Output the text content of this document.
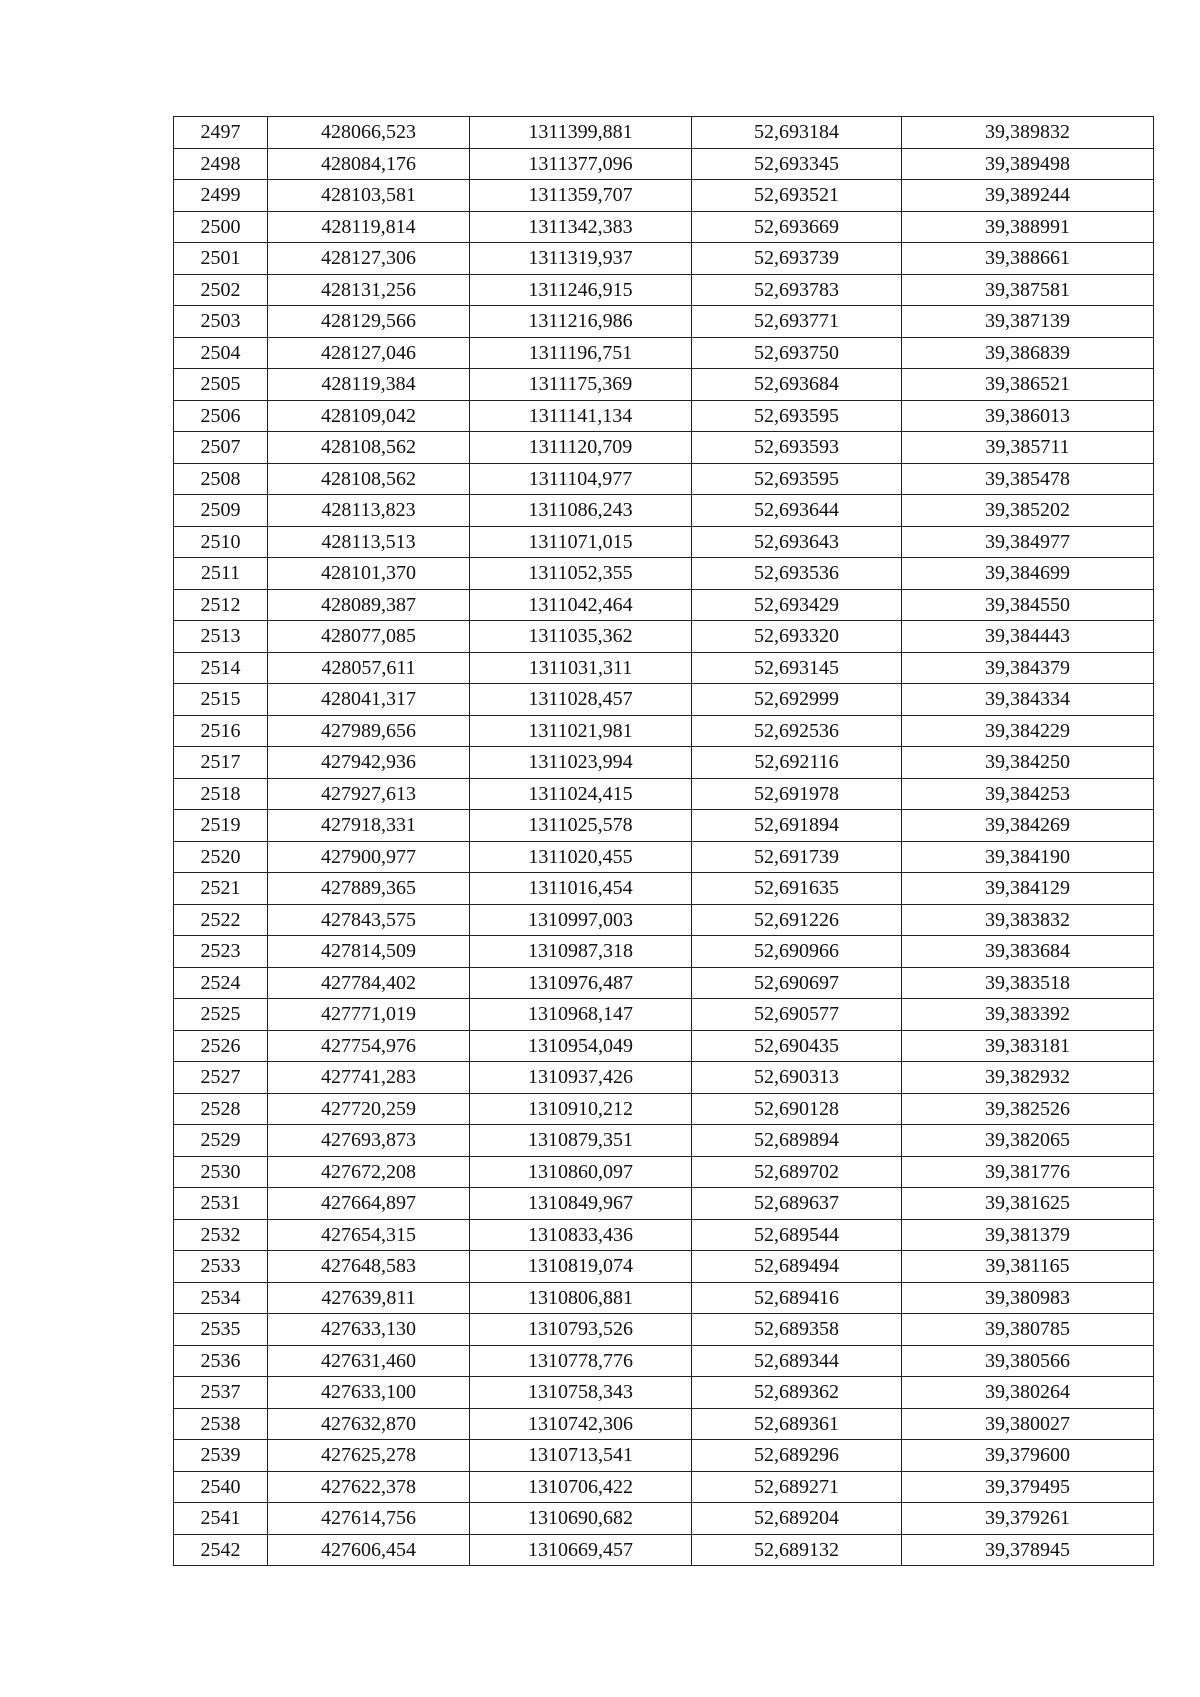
2497	428066,523	1311399,881	52,693184	39,389832
2498	428084,176	1311377,096	52,693345	39,389498
2499	428103,581	1311359,707	52,693521	39,389244
2500	428119,814	1311342,383	52,693669	39,388991
2501	428127,306	1311319,937	52,693739	39,388661
2502	428131,256	1311246,915	52,693783	39,387581
2503	428129,566	1311216,986	52,693771	39,387139
2504	428127,046	1311196,751	52,693750	39,386839
2505	428119,384	1311175,369	52,693684	39,386521
2506	428109,042	1311141,134	52,693595	39,386013
2507	428108,562	1311120,709	52,693593	39,385711
2508	428108,562	1311104,977	52,693595	39,385478
2509	428113,823	1311086,243	52,693644	39,385202
2510	428113,513	1311071,015	52,693643	39,384977
2511	428101,370	1311052,355	52,693536	39,384699
2512	428089,387	1311042,464	52,693429	39,384550
2513	428077,085	1311035,362	52,693320	39,384443
2514	428057,611	1311031,311	52,693145	39,384379
2515	428041,317	1311028,457	52,692999	39,384334
2516	427989,656	1311021,981	52,692536	39,384229
2517	427942,936	1311023,994	52,692116	39,384250
2518	427927,613	1311024,415	52,691978	39,384253
2519	427918,331	1311025,578	52,691894	39,384269
2520	427900,977	1311020,455	52,691739	39,384190
2521	427889,365	1311016,454	52,691635	39,384129
2522	427843,575	1310997,003	52,691226	39,383832
2523	427814,509	1310987,318	52,690966	39,383684
2524	427784,402	1310976,487	52,690697	39,383518
2525	427771,019	1310968,147	52,690577	39,383392
2526	427754,976	1310954,049	52,690435	39,383181
2527	427741,283	1310937,426	52,690313	39,382932
2528	427720,259	1310910,212	52,690128	39,382526
2529	427693,873	1310879,351	52,689894	39,382065
2530	427672,208	1310860,097	52,689702	39,381776
2531	427664,897	1310849,967	52,689637	39,381625
2532	427654,315	1310833,436	52,689544	39,381379
2533	427648,583	1310819,074	52,689494	39,381165
2534	427639,811	1310806,881	52,689416	39,380983
2535	427633,130	1310793,526	52,689358	39,380785
2536	427631,460	1310778,776	52,689344	39,380566
2537	427633,100	1310758,343	52,689362	39,380264
2538	427632,870	1310742,306	52,689361	39,380027
2539	427625,278	1310713,541	52,689296	39,379600
2540	427622,378	1310706,422	52,689271	39,379495
2541	427614,756	1310690,682	52,689204	39,379261
2542	427606,454	1310669,457	52,689132	39,378945
